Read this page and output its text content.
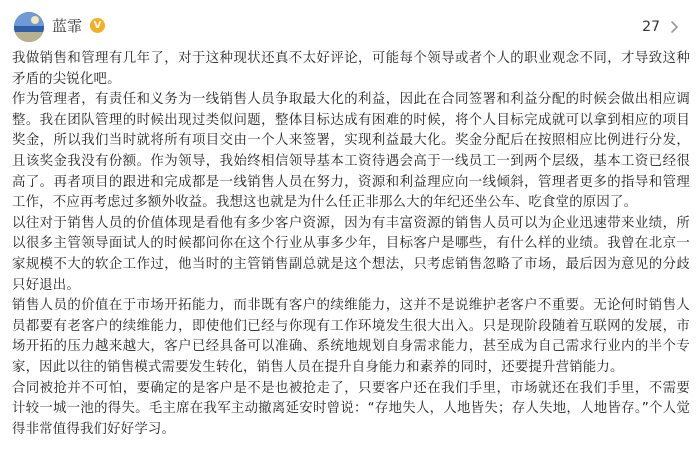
蓝霏	V	27

我做销售和管理有几年了，对于这种现状还真不太好评论，可能每个领导或者个人的职业观念不同，才导致这种矛盾的尖锐化吧。

作为管理者，有责任和义务为一线销售人员争取最大化的利益，因此在合同签署和利益分配的时候会做出相应调整。我在团队管理的时候出现过类似问题，整体目标达成有困难的时候，将个人目标完成就可以拿到相应的项目奖金，所以我们当时就将所有项目交由一个人来签署，实现利益最大化。奖金分配后在按照相应比例进行分发，且该奖金我没有份额。作为领导，我始终相信领导基本工资待遇会高于一线员工一到两个层级，基本工资已经很高了。再者项目的跟进和完成都是一线销售人员在努力，资源和利益理应向一线倾斜，管理者更多的指导和管理工作，不应再考虑过多额外收益。我想这也就是为什么任正非那么大的年纪还坐公车、吃食堂的原因了。

以往对于销售人员的价值体现是看他有多少客户资源，因为有丰富资源的销售人员可以为企业迅速带来业绩，所以很多主管领导面试人的时候都问你在这个行业从事多少年，目标客户是哪些，有什么样的业绩。我曾在北京一家规模不大的软企工作过，他当时的主管销售副总就是这个想法，只考虑销售忽略了市场，最后因为意见的分歧只好退出。

销售人员的价值在于市场开拓能力，而非既有客户的续维能力，这并不是说维护老客户不重要。无论何时销售人员都要有老客户的续维能力，即使他们已经与你现有工作环境发生很大出入。只是现阶段随着互联网的发展，市场开拓的压力越来越大，客户已经具备可以准确、系统地规划自身需求能力，甚至成为自己需求行业内的半个专家，因此以往的销售模式需要发生转化，销售人员在提升自身能力和素养的同时，还要提升营销能力。

合同被抢并不可怕，要确定的是客户是不是也被抢走了，只要客户还在我们手里，市场就还在我们手里，不需要计较一城一池的得失。毛主席在我军主动撤离延安时曾说：“存地失人，人地皆失；存人失地，人地皆存。”个人觉得非常值得我们好好学习。
